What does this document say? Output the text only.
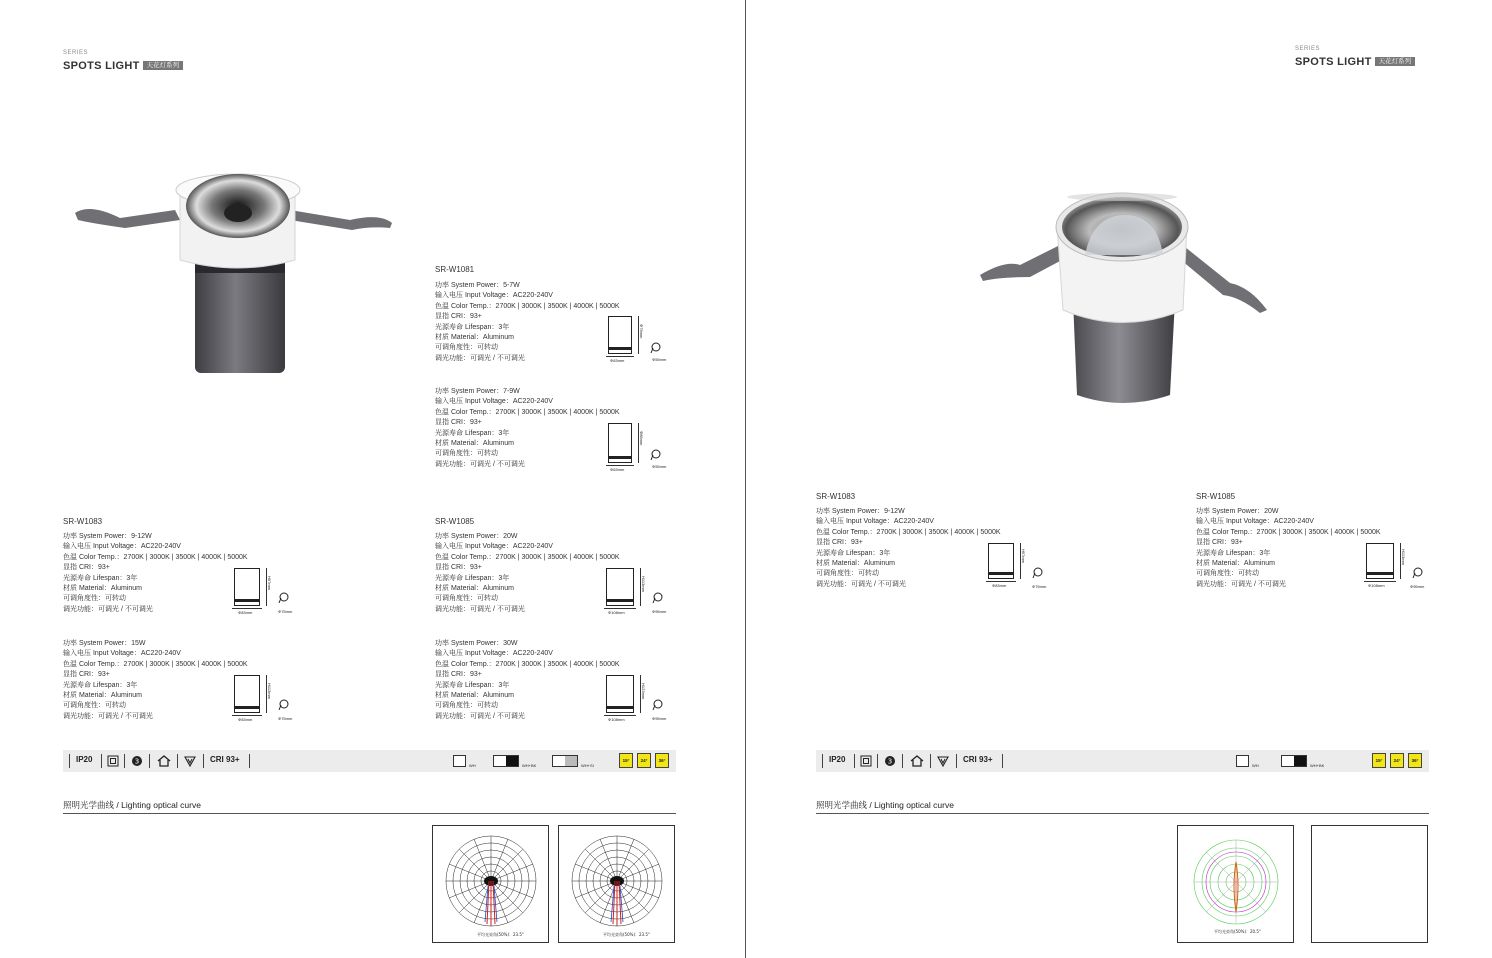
SERIES
SPOTS LIGHT 天花灯系列
SR-W1081
功率 System Power：5-7W
输入电压 Input Voltage：AC220-240V
色温 Color Temp.：2700K | 3000K | 3500K | 4000K | 5000K
显指 CRI：93+
光源寿命 Lifespan：3年
材质 Material：Aluminum
可调角度性：可转动
调光功能：可调光 / 不可调光	Φ63mm
Φ75mm
Φ55mm
功率 System Power：7-9W
输入电压 Input Voltage：AC220-240V
色温 Color Temp.：2700K | 3000K | 3500K | 4000K | 5000K
显指 CRI：93+
光源寿命 Lifespan：3年
材质 Material：Aluminum
可调角度性：可转动
调光功能：可调光 / 不可调光
Φ63mm
Φ85mm
Φ55mm
SR-W1083
功率 System Power：9-12W
输入电压 Input Voltage：AC220-240V
色温 Color Temp.：2700K | 3000K | 3500K | 4000K | 5000K
显指 CRI：93+
光源寿命 Lifespan：3年
材质 Material：Aluminum
可调角度性：可转动
调光功能：可调光 / 不可调光	Φ83mm
H97mm
Φ75mm
功率 System Power：15W
输入电压 Input Voltage：AC220-240V
色温 Color Temp.：2700K | 3000K | 3500K | 4000K | 5000K
显指 CRI：93+
光源寿命 Lifespan：3年
材质 Material：Aluminum
可调角度性：可转动
调光功能：可调光 / 不可调光	Φ83mm
H113mm
Φ75mm
SR-W1085
功率 System Power：20W
输入电压 Input Voltage：AC220-240V
色温 Color Temp.：2700K | 3000K | 3500K | 4000K | 5000K
显指 CRI：93+
光源寿命 Lifespan：3年
材质 Material：Aluminum
可调角度性：可转动
调光功能：可调光 / 不可调光	Φ108mm
H113mm
Φ95mm
功率 System Power：30W
输入电压 Input Voltage：AC220-240V
色温 Color Temp.：2700K | 3000K | 3500K | 4000K | 5000K
显指 CRI：93+
光源寿命 Lifespan：3年
材质 Material：Aluminum
可调角度性：可转动
调光功能：可调光 / 不可调光	Φ108mm
H123mm
Φ95mm
IP20	3	CRI 93+
WH	WH+BK	WH+SI
15°	24°	36°
照明光学曲线 / Lighting optical curve
平均光束角(50%)：23.5°	平均光束角(50%)：23.5°
SERIES
SPOTS LIGHT 天花灯系列
SR-W1083
功率 System Power：9-12W
输入电压 Input Voltage：AC220-240V
色温 Color Temp.：2700K | 3000K | 3500K | 4000K | 5000K
显指 CRI：93+
光源寿命 Lifespan：3年
材质 Material：Aluminum
可调角度性：可转动
调光功能：可调光 / 不可调光	Φ83mm
H97mm
Φ75mm
SR-W1085
功率 System Power：20W
输入电压 Input Voltage：AC220-240V
色温 Color Temp.：2700K | 3000K | 3500K | 4000K | 5000K
显指 CRI：93+
光源寿命 Lifespan：3年
材质 Material：Aluminum
可调角度性：可转动
调光功能：可调光 / 不可调光	Φ108mm
H113mm
Φ95mm
IP20	3	CRI 93+
WH	WH+BK
15°	24°	36°
照明光学曲线 / Lighting optical curve
平均光束角(50%)：20.5°
